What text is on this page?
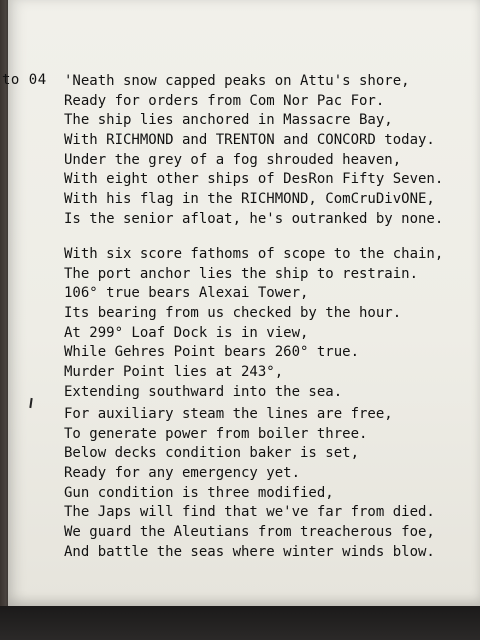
to 04 'Neath snow capped peaks on Attu's shore,
Ready for orders from Com Nor Pac For.
The ship lies anchored in Massacre Bay,
With RICHMOND and TRENTON and CONCORD today.
Under the grey of a fog shrouded heaven,
With eight other ships of DesRon Fifty Seven.
With his flag in the RICHMOND, ComCruDivONE,
Is the senior afloat, he's outranked by none.
With six score fathoms of scope to the chain,
The port anchor lies the ship to restrain.
106° true bears Alexai Tower,
Its bearing from us checked by the hour.
At 299° Loaf Dock is in view,
While Gehres Point bears 260° true.
Murder Point lies at 243°,
Extending southward into the sea.
For auxiliary steam the lines are free,
To generate power from boiler three.
Below decks condition baker is set,
Ready for any emergency yet.
Gun condition is three modified,
The Japs will find that we've far from died.
We guard the Aleutians from treacherous foe,
And battle the seas where winter winds blow.
